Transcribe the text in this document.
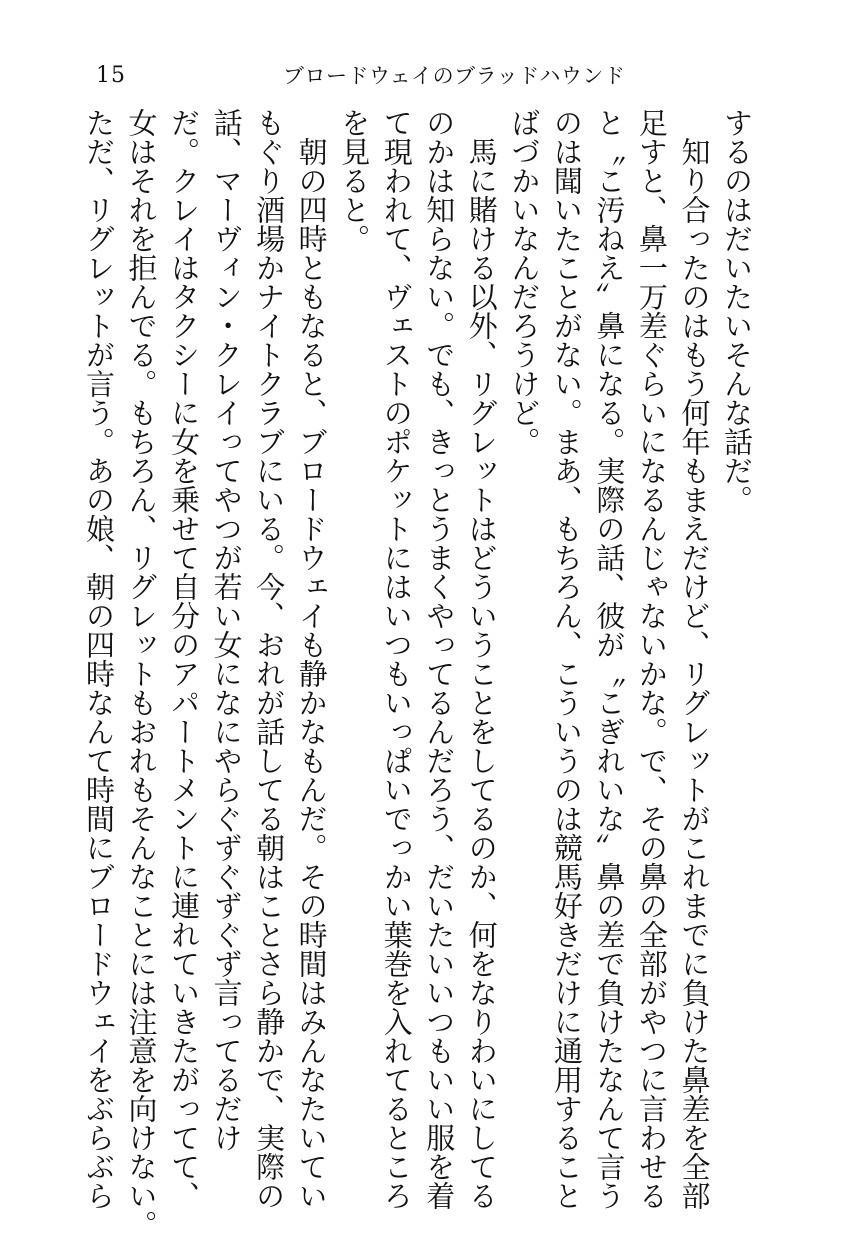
15	ブロードウェイのブラッドハウンド
するのはだいたいそんな話だ。
　知り合ったのはもう何年もまえだけど、リグレットがこれまでに負けた鼻差を全部
足すと、鼻一万差ぐらいになるんじゃないかな。で、その鼻の全部がやつに言わせる
と〝こ汚ねえ〟鼻になる。実際の話、彼が〝こぎれいな〟鼻の差で負けたなんて言う
のは聞いたことがない。まあ、もちろん、こういうのは競馬好きだけに通用すること
ばづかいなんだろうけど。
　馬に賭ける以外、リグレットはどういうことをしてるのか、何をなりわいにしてる
のかは知らない。でも、きっとうまくやってるんだろう、だいたいいつもいい服を着
て現われて、ヴェストのポケットにはいつもいっぱいでっかい葉巻を入れてるところ
を見ると。
　朝の四時ともなると、ブロードウェイも静かなもんだ。その時間はみんなたいてい
もぐり酒場かナイトクラブにいる。今、おれが話してる朝はことさら静かで、実際の
話、マーヴィン・クレイってやつが若い女になにやらぐずぐずぐず言ってるだけ
だ。クレイはタクシーに女を乗せて自分のアパートメントに連れていきたがってて、
女はそれを拒んでる。もちろん、リグレットもおれもそんなことには注意を向けない。
ただ、リグレットが言う。あの娘、朝の四時なんて時間にブロードウェイをぶらぶら
